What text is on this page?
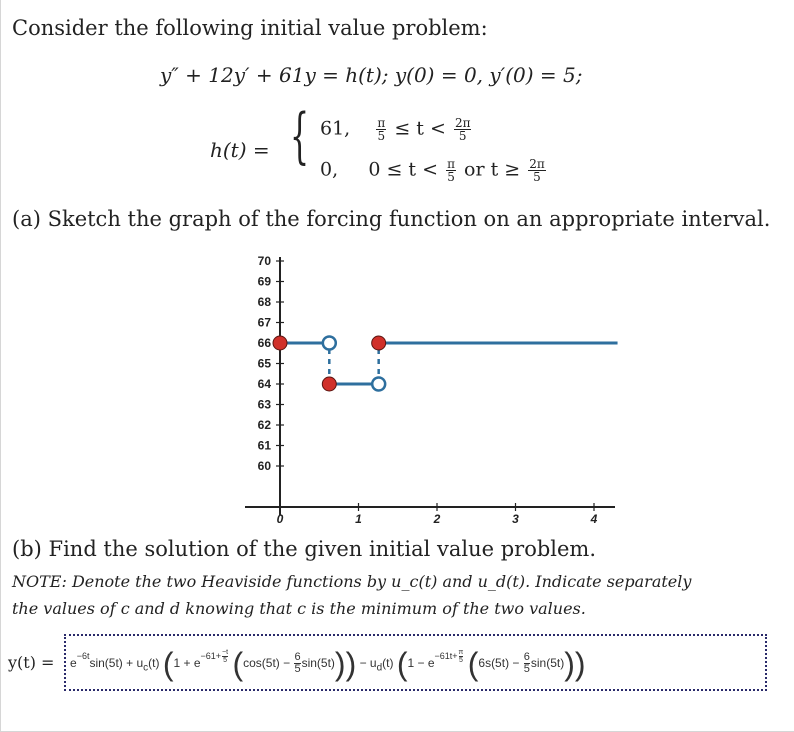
Consider the following initial value problem:
y″ + 12y′ + 61y = h(t); y(0) = 0, y′(0) = 5;
h(t) = { 61, $\frac{\pi}{5} \le t < \frac{2\pi}{5}$
0, $0 \le t < \frac{\pi}{5}$ or $t \ge \frac{2\pi}{5}$
(a) Sketch the graph of the forcing function on an appropriate interval.
60
61
62
63
64
65
66
67
68
69
70
0	1	2	3	4
(b) Find the solution of the given initial value problem.
NOTE: Denote the two Heaviside functions by u_c(t) and u_d(t). Indicate separately
the values of c and d knowing that c is the minimum of the two values.
$y(t) = e^{-6t}\sin(5t) + u_c(t) (1 + e^{-61+ \frac{-t}{5}}$ $(\cos(5t) - \frac{6}{5}\sin(5t))) - u_d(t)$ ($1 - e^{-61t+ \frac{\pi}{5}}$ $(6s(5t) - \frac{6}{5}\sin(5t))$)
